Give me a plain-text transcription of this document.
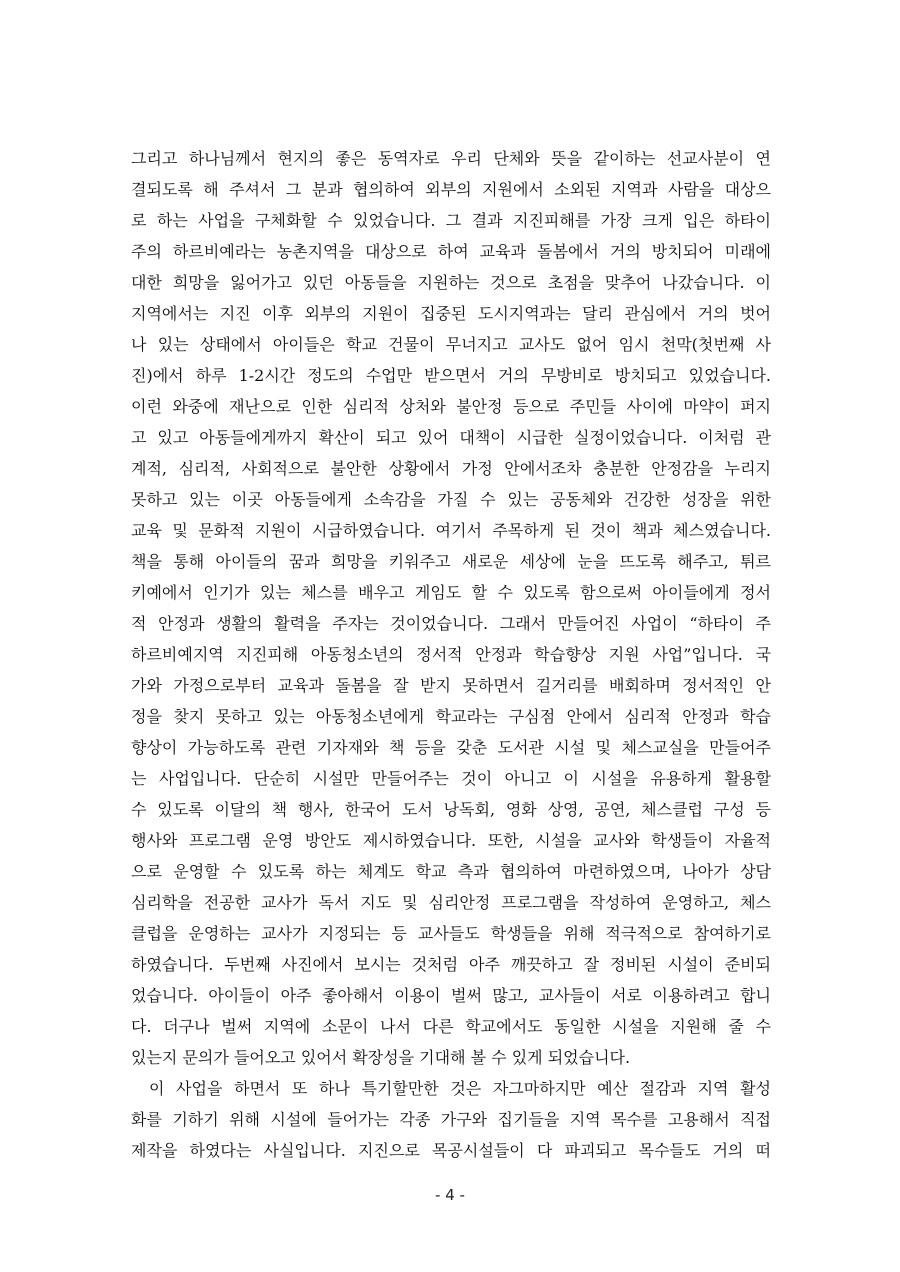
그리고 하나님께서 현지의 좋은 동역자로 우리 단체와 뜻을 같이하는 선교사분이 연
결되도록 해 주셔서 그 분과 협의하여 외부의 지원에서 소외된 지역과 사람을 대상으
로 하는 사업을 구체화할 수 있었습니다. 그 결과 지진피해를 가장 크게 입은 하타이
주의 하르비예라는 농촌지역을 대상으로 하여 교육과 돌봄에서 거의 방치되어 미래에
대한 희망을 잃어가고 있던 아동들을 지원하는 것으로 초점을 맞추어 나갔습니다. 이
지역에서는 지진 이후 외부의 지원이 집중된 도시지역과는 달리 관심에서 거의 벗어
나 있는 상태에서 아이들은 학교 건물이 무너지고 교사도 없어 임시 천막(첫번째 사
진)에서 하루 1-2시간 정도의 수업만 받으면서 거의 무방비로 방치되고 있었습니다.
이런 와중에 재난으로 인한 심리적 상처와 불안정 등으로 주민들 사이에 마약이 퍼지
고 있고 아동들에게까지 확산이 되고 있어 대책이 시급한 실정이었습니다. 이처럼 관
계적, 심리적, 사회적으로 불안한 상황에서 가정 안에서조차 충분한 안정감을 누리지
못하고 있는 이곳 아동들에게 소속감을 가질 수 있는 공동체와 건강한 성장을 위한
교육 및 문화적 지원이 시급하였습니다. 여기서 주목하게 된 것이 책과 체스였습니다.
책을 통해 아이들의 꿈과 희망을 키워주고 새로운 세상에 눈을 뜨도록 해주고, 튀르
키예에서 인기가 있는 체스를 배우고 게임도 할 수 있도록 함으로써 아이들에게 정서
적 안정과 생활의 활력을 주자는 것이었습니다. 그래서 만들어진 사업이 “하타이 주
하르비예지역 지진피해 아동청소년의 정서적 안정과 학습향상 지원 사업”입니다. 국
가와 가정으로부터 교육과 돌봄을 잘 받지 못하면서 길거리를 배회하며 정서적인 안
정을 찾지 못하고 있는 아동청소년에게 학교라는 구심점 안에서 심리적 안정과 학습
향상이 가능하도록 관련 기자재와 책 등을 갖춘 도서관 시설 및 체스교실을 만들어주
는 사업입니다. 단순히 시설만 만들어주는 것이 아니고 이 시설을 유용하게 활용할
수 있도록 이달의 책 행사, 한국어 도서 낭독회, 영화 상영, 공연, 체스클럽 구성 등
행사와 프로그램 운영 방안도 제시하였습니다. 또한, 시설을 교사와 학생들이 자율적
으로 운영할 수 있도록 하는 체계도 학교 측과 협의하여 마련하였으며, 나아가 상담
심리학을 전공한 교사가 독서 지도 및 심리안정 프로그램을 작성하여 운영하고, 체스
클럽을 운영하는 교사가 지정되는 등 교사들도 학생들을 위해 적극적으로 참여하기로
하였습니다. 두번째 사진에서 보시는 것처럼 아주 깨끗하고 잘 정비된 시설이 준비되
었습니다. 아이들이 아주 좋아해서 이용이 벌써 많고, 교사들이 서로 이용하려고 합니
다. 더구나 벌써 지역에 소문이 나서 다른 학교에서도 동일한 시설을 지원해 줄 수
있는지 문의가 들어오고 있어서 확장성을 기대해 볼 수 있게 되었습니다.
이 사업을 하면서 또 하나 특기할만한 것은 자그마하지만 예산 절감과 지역 활성
화를 기하기 위해 시설에 들어가는 각종 가구와 집기들을 지역 목수를 고용해서 직접
제작을 하였다는 사실입니다. 지진으로 목공시설들이 다 파괴되고 목수들도 거의 떠
- 4 -
